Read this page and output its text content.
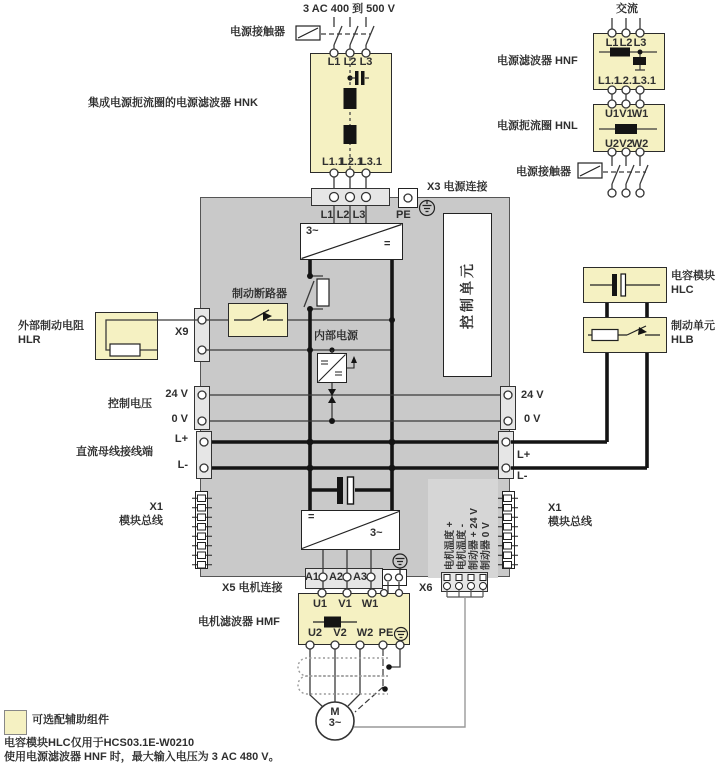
3 AC 400 到 500 V
电源接触器
集成电源扼流圈的电源滤波器 HNK
L1 L2 L3
L1.1
L2.1
L3.1
交流
电源滤波器 HNF
L1 L2 L3
L1.1
L2.1
L3.1
电源扼流圈 HNL
U1 V1 W1
U2 V2 W2
电源接触器
X3 电源连接
L1 L2 L3	PE
3~
=
控制单元
制动断路器
X9
外部制动电阻
HLR	内部电源
24 V
控制电压
0 V
L+
直流母线接线端
L-
24 V
0 V
L+
L-
电容模块
HLC
制动单元
HLB
X1
模块总线
X1
模块总线
=
3~
A1 A2 A3
X5 电机连接	X6
电机温度 + 电机温度 - 制动器 + 24 V 制动器 0 V
电机滤波器 HMF
U1 V1 W1
U2 V2 W2 PE
M
3~
可选配辅助组件
电容模块HLC仅用于HCS03.1E-W0210
使用电源滤波器 HNF 时，最大输入电压为 3 AC 480 V。
